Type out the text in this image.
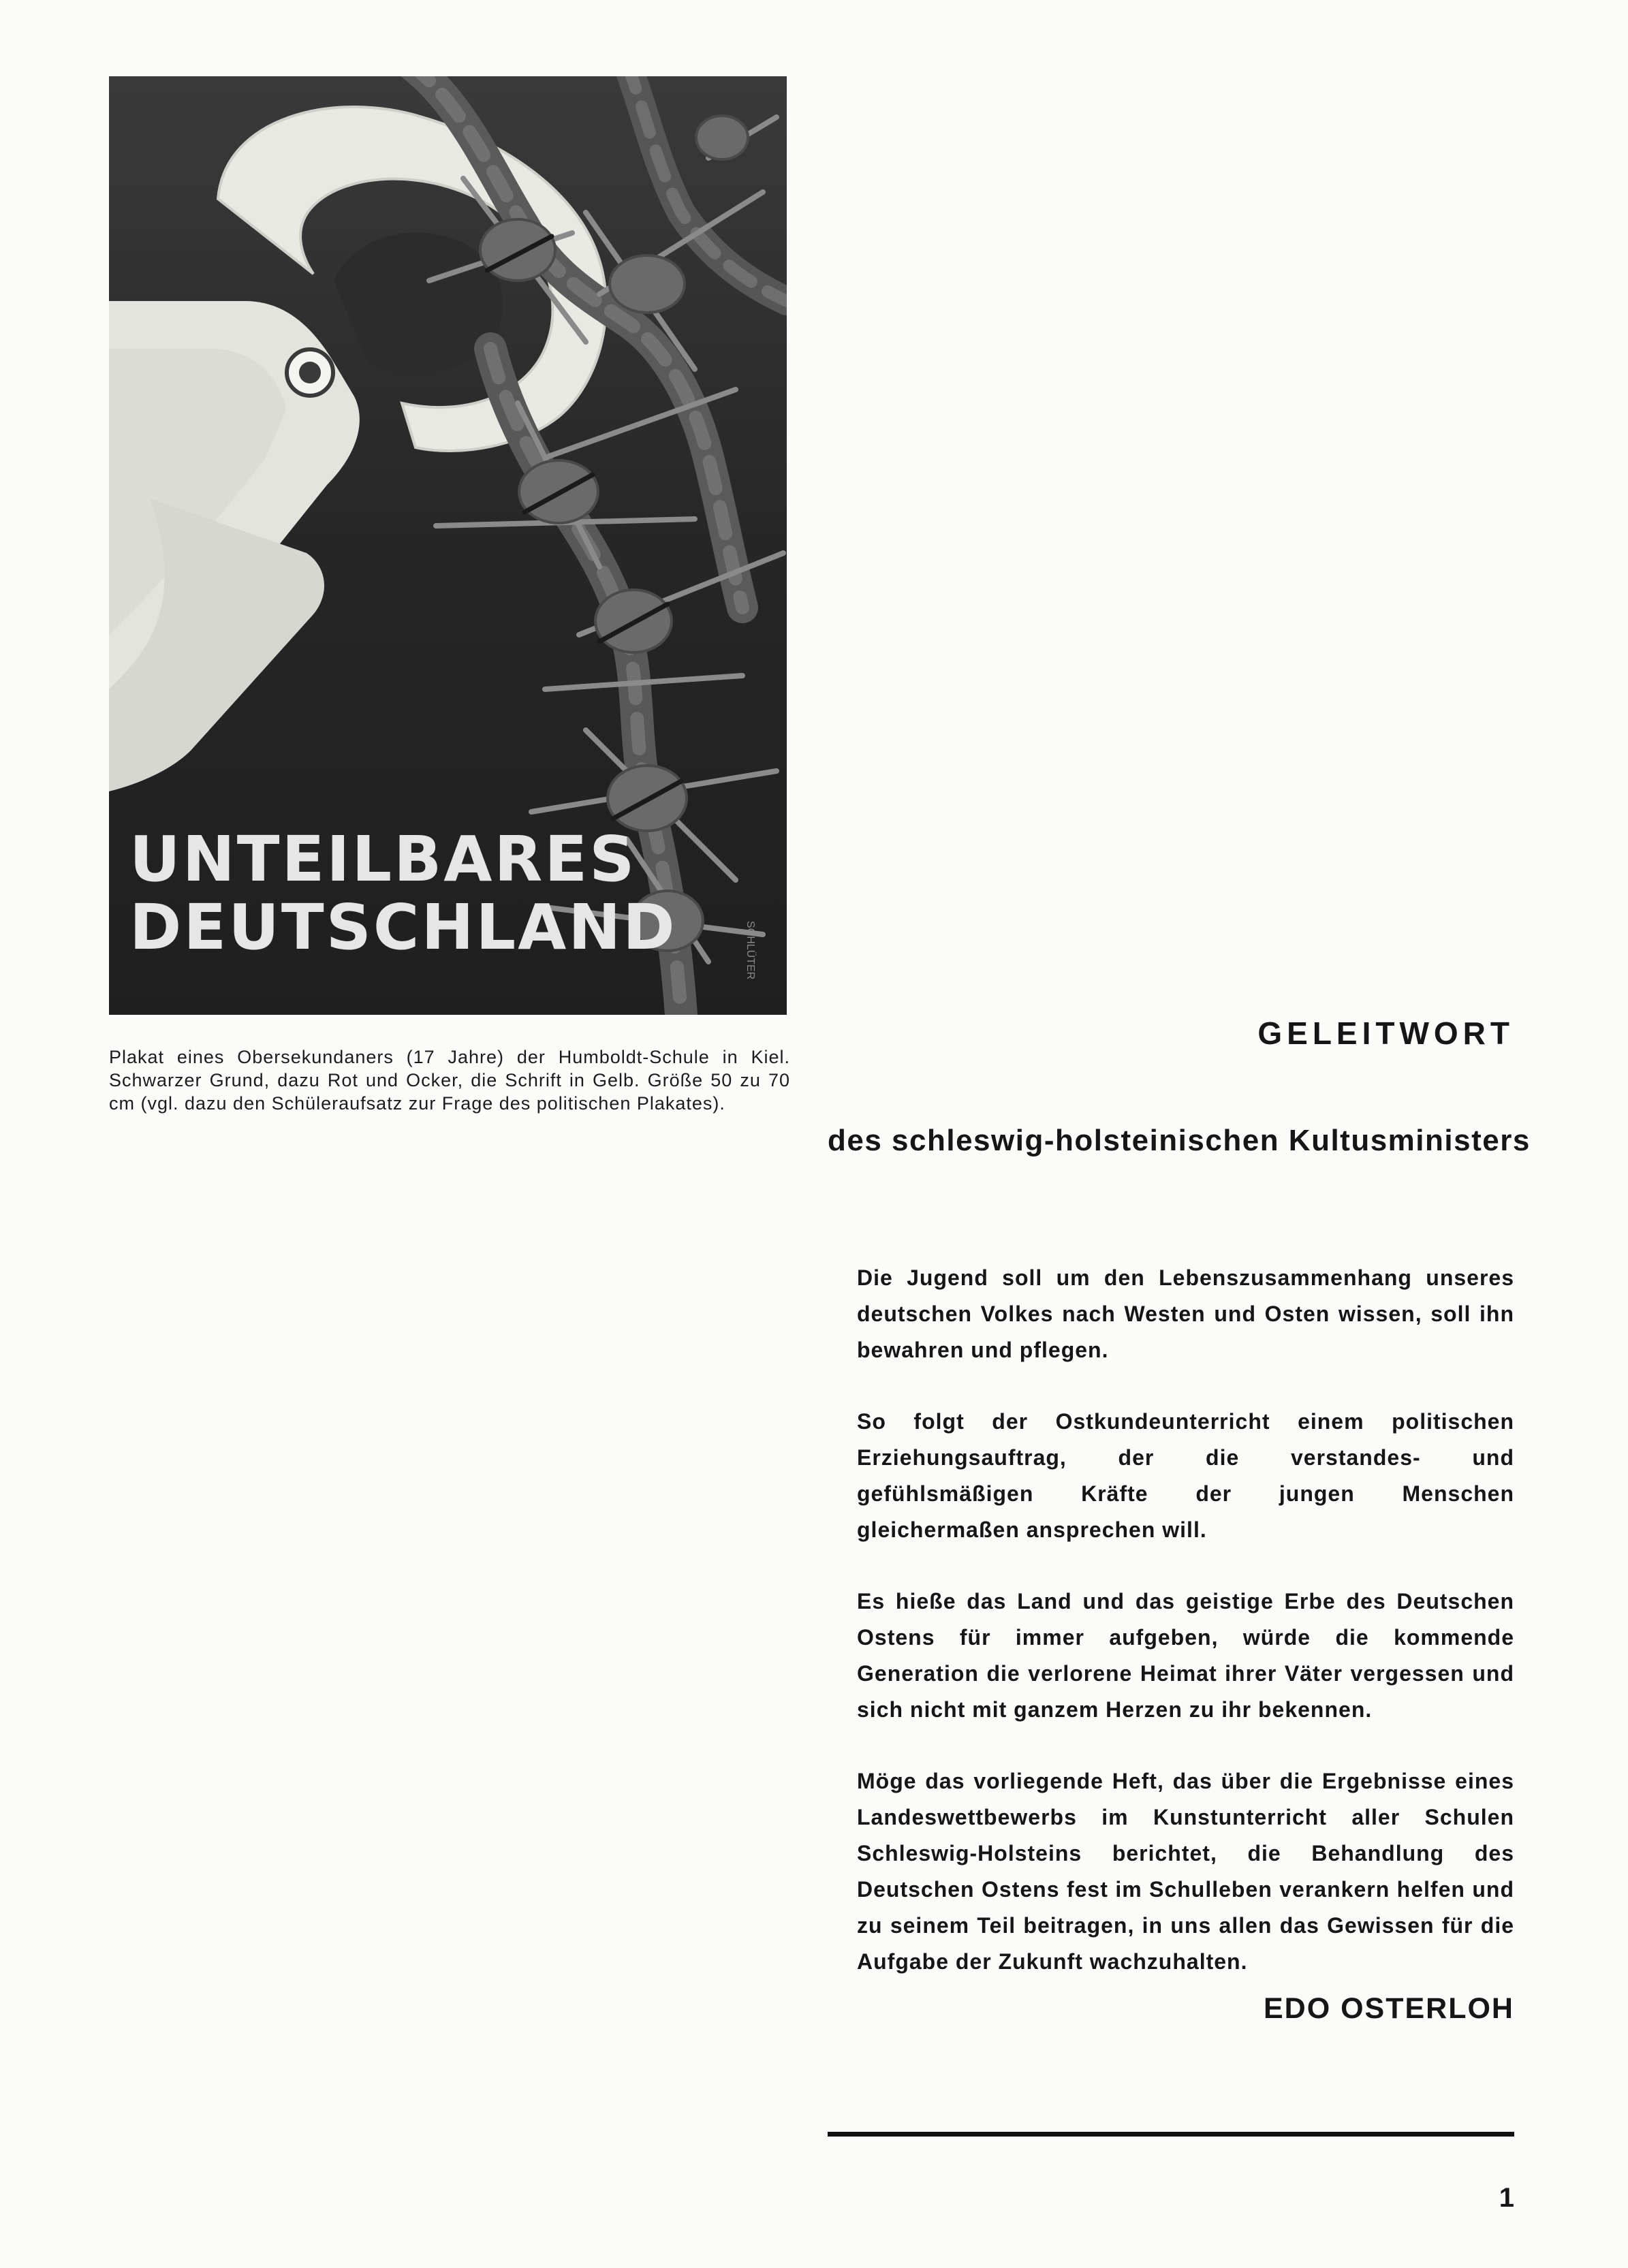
UNTEILBARES
DEUTSCHLAND	SCHLÜTER

Plakat eines Obersekundaners (17 Jahre) der Humboldt-Schule in Kiel. Schwarzer Grund, dazu Rot und Ocker, die Schrift in Gelb. Größe 50 zu 70 cm (vgl. dazu den Schüleraufsatz zur Frage des politischen Plakates).

GELEITWORT
des schleswig-holsteinischen Kultusministers

Die Jugend soll um den Lebenszusammenhang unseres deutschen Volkes nach Westen und Osten wissen, soll ihn bewahren und pflegen.

So folgt der Ostkundeunterricht einem politischen Erziehungsauftrag, der die verstandes- und gefühlsmäßigen Kräfte der jungen Menschen gleichermaßen ansprechen will.

Es hieße das Land und das geistige Erbe des Deutschen Ostens für immer aufgeben, würde die kommende Generation die verlorene Heimat ihrer Väter vergessen und sich nicht mit ganzem Herzen zu ihr bekennen.

Möge das vorliegende Heft, das über die Ergebnisse eines Landeswettbewerbs im Kunstunterricht aller Schulen Schleswig-Holsteins berichtet, die Behandlung des Deutschen Ostens fest im Schulleben verankern helfen und zu seinem Teil beitragen, in uns allen das Gewissen für die Aufgabe der Zukunft wachzuhalten.

EDO OSTERLOH
1
